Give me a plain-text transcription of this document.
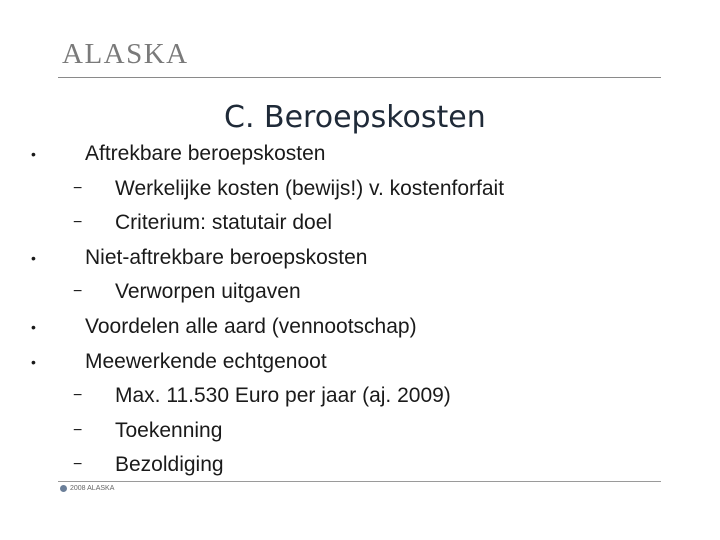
ALASKA
C. Beroepskosten
• Aftrekbare beroepskosten
− Werkelijke kosten (bewijs!) v. kostenforfait
− Criterium: statutair doel
• Niet-aftrekbare beroepskosten
− Verworpen uitgaven
• Voordelen alle aard (vennootschap)
• Meewerkende echtgenoot
− Max. 11.530 Euro per jaar (aj. 2009)
− Toekenning
− Bezoldiging
2008 ALASKA
